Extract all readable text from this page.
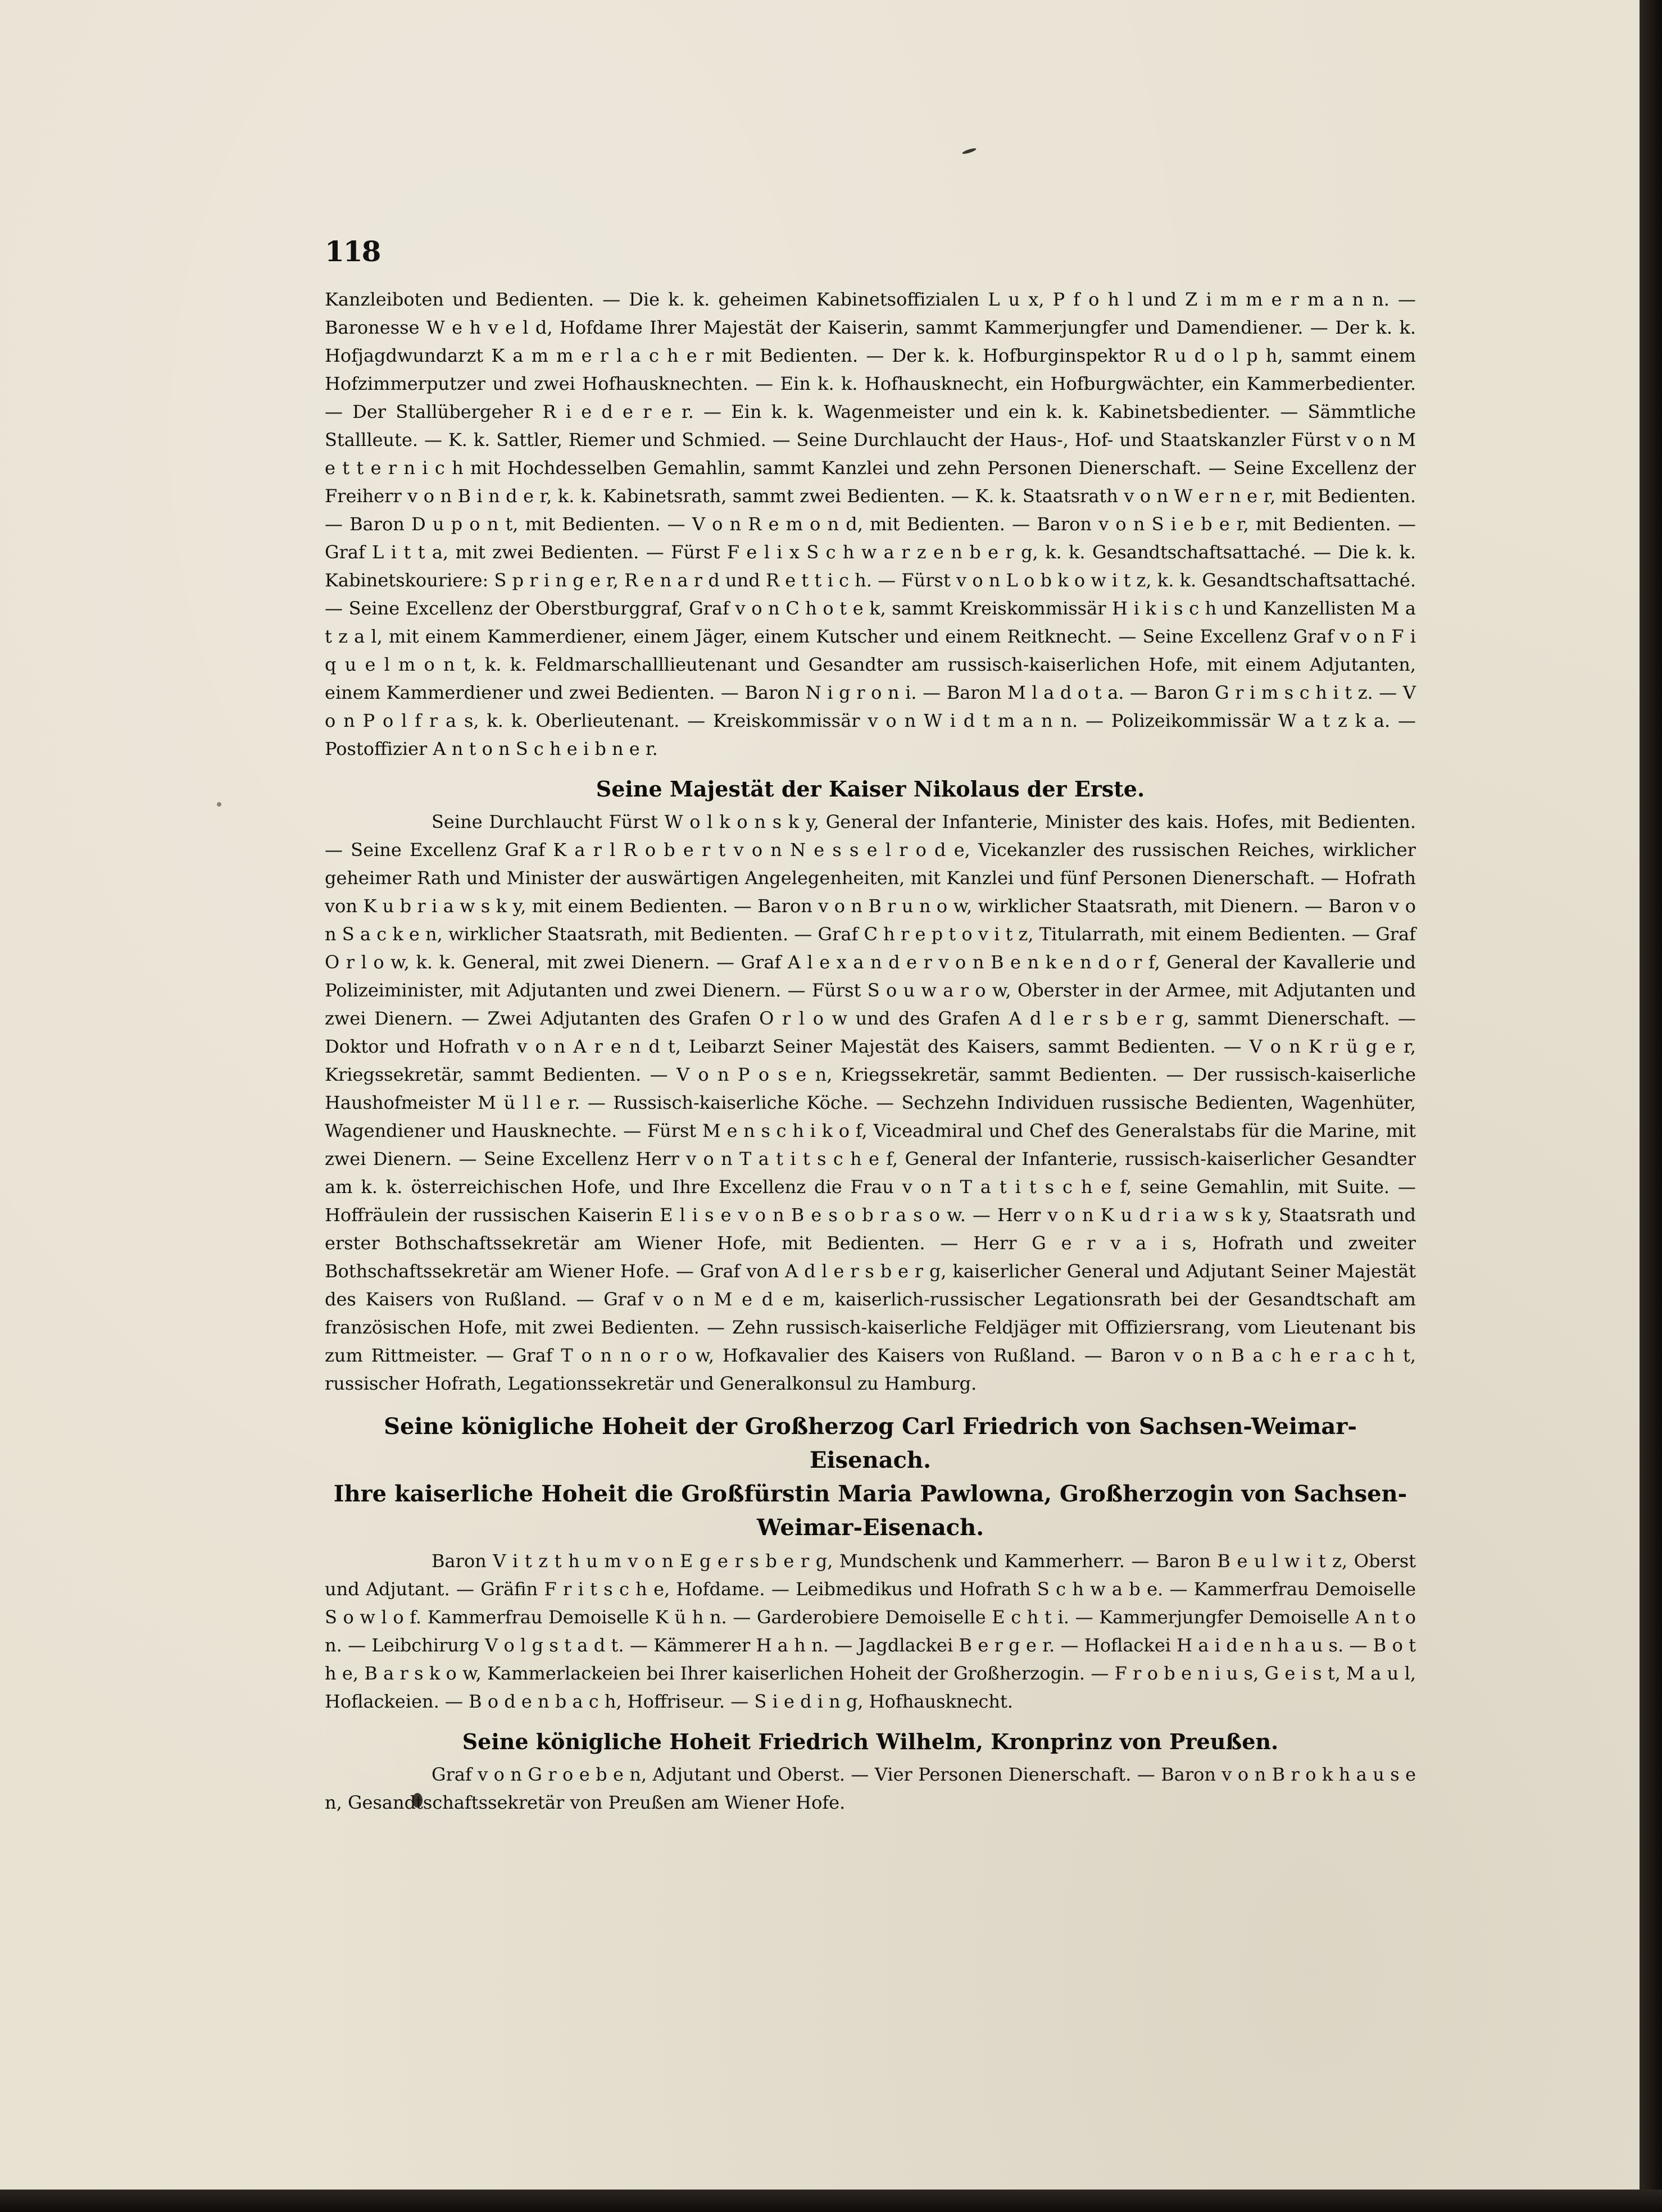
118

Kanzleiboten und Bedienten. — Die k. k. geheimen Kabinetsoffizialen L u x, P f o h l und Z i m m e r m a n n. — Baronesse W e h v e l d, Hofdame Ihrer Majestät der Kaiserin, sammt Kammerjungfer und Damendiener. — Der k. k. Hofjagdwundarzt K a m m e r l a c h e r mit Bedienten. — Der k. k. Hofburginspektor R u d o l p h, sammt einem Hofzimmerputzer und zwei Hofhausknechten. — Ein k. k. Hofhausknecht, ein Hofburgwächter, ein Kammerbedienter. — Der Stallübergeher R i e d e r e r. — Ein k. k. Wagenmeister und ein k. k. Kabinetsbedienter. — Sämmtliche Stallleute. — K. k. Sattler, Riemer und Schmied. — Seine Durchlaucht der Haus-, Hof- und Staatskanzler Fürst v o n M e t t e r n i c h mit Hochdesselben Gemahlin, sammt Kanzlei und zehn Personen Dienerschaft. — Seine Excellenz der Freiherr v o n B i n d e r, k. k. Kabinetsrath, sammt zwei Bedienten. — K. k. Staatsrath v o n W e r n e r, mit Bedienten. — Baron D u p o n t, mit Bedienten. — V o n R e m o n d, mit Bedienten. — Baron v o n S i e b e r, mit Bedienten. — Graf L i t t a, mit zwei Bedienten. — Fürst F e l i x S c h w a r z e n b e r g, k. k. Gesandtschaftsattaché. — Die k. k. Kabinetskouriere: S p r i n g e r, R e n a r d und R e t t i c h. — Fürst v o n L o b k o w i t z, k. k. Gesandtschaftsattaché. — Seine Excellenz der Oberstburggraf, Graf v o n C h o t e k, sammt Kreiskommissär H i k i s c h und Kanzellisten M a t z a l, mit einem Kammerdiener, einem Jäger, einem Kutscher und einem Reitknecht. — Seine Excellenz Graf v o n F i q u e l m o n t, k. k. Feldmarschalllieutenant und Gesandter am russisch-kaiserlichen Hofe, mit einem Adjutanten, einem Kammerdiener und zwei Bedienten. — Baron N i g r o n i. — Baron M l a d o t a. — Baron G r i m s c h i t z. — V o n P o l f r a s, k. k. Oberlieutenant. — Kreiskommissär v o n W i d t m a n n. — Polizeikommissär W a t z k a. — Postoffizier A n t o n S c h e i b n e r.

Seine Majestät der Kaiser Nikolaus der Erste.

Seine Durchlaucht Fürst W o l k o n s k y, General der Infanterie, Minister des kais. Hofes, mit Bedienten. — Seine Excellenz Graf K a r l R o b e r t v o n N e s s e l r o d e, Vicekanzler des russischen Reiches, wirklicher geheimer Rath und Minister der auswärtigen Angelegenheiten, mit Kanzlei und fünf Personen Dienerschaft. — Hofrath von K u b r i a w s k y, mit einem Bedienten. — Baron v o n B r u n o w, wirklicher Staatsrath, mit Dienern. — Baron v o n S a c k e n, wirklicher Staatsrath, mit Bedienten. — Graf C h r e p t o v i t z, Titularrath, mit einem Bedienten. — Graf O r l o w, k. k. General, mit zwei Dienern. — Graf A l e x a n d e r v o n B e n k e n d o r f, General der Kavallerie und Polizeiminister, mit Adjutanten und zwei Dienern. — Fürst S o u w a r o w, Oberster in der Armee, mit Adjutanten und zwei Dienern. — Zwei Adjutanten des Grafen O r l o w und des Grafen A d l e r s b e r g, sammt Dienerschaft. — Doktor und Hofrath v o n A r e n d t, Leibarzt Seiner Majestät des Kaisers, sammt Bedienten. — V o n K r ü g e r, Kriegssekretär, sammt Bedienten. — V o n P o s e n, Kriegssekretär, sammt Bedienten. — Der russisch-kaiserliche Haushofmeister M ü l l e r. — Russisch-kaiserliche Köche. — Sechzehn Individuen russische Bedienten, Wagenhüter, Wagendiener und Hausknechte. — Fürst M e n s c h i k o f, Viceadmiral und Chef des Generalstabs für die Marine, mit zwei Dienern. — Seine Excellenz Herr v o n T a t i t s c h e f, General der Infanterie, russisch-kaiserlicher Gesandter am k. k. österreichischen Hofe, und Ihre Excellenz die Frau v o n T a t i t s c h e f, seine Gemahlin, mit Suite. — Hoffräulein der russischen Kaiserin E l i s e v o n B e s o b r a s o w. — Herr v o n K u d r i a w s k y, Staatsrath und erster Bothschaftssekretär am Wiener Hofe, mit Bedienten. — Herr G e r v a i s, Hofrath und zweiter Bothschaftssekretär am Wiener Hofe. — Graf von A d l e r s b e r g, kaiserlicher General und Adjutant Seiner Majestät des Kaisers von Rußland. — Graf v o n M e d e m, kaiserlich-russischer Legationsrath bei der Gesandtschaft am französischen Hofe, mit zwei Bedienten. — Zehn russisch-kaiserliche Feldjäger mit Offiziersrang, vom Lieutenant bis zum Rittmeister. — Graf T o n n o r o w, Hofkavalier des Kaisers von Rußland. — Baron v o n B a c h e r a c h t, russischer Hofrath, Legationssekretär und Generalkonsul zu Hamburg.

Seine königliche Hoheit der Großherzog Carl Friedrich von Sachsen-Weimar-Eisenach.
Ihre kaiserliche Hoheit die Großfürstin Maria Pawlowna, Großherzogin von Sachsen-Weimar-Eisenach.

Baron V i t z t h u m v o n E g e r s b e r g, Mundschenk und Kammerherr. — Baron B e u l w i t z, Oberst und Adjutant. — Gräfin F r i t s c h e, Hofdame. — Leibmedikus und Hofrath S c h w a b e. — Kammerfrau Demoiselle S o w l o f. Kammerfrau Demoiselle K ü h n. — Garderobiere Demoiselle E c h t i. — Kammerjungfer Demoiselle A n t o n. — Leibchirurg V o l g s t a d t. — Kämmerer H a h n. — Jagdlackei B e r g e r. — Hoflackei H a i d e n h a u s. — B o t h e, B a r s k o w, Kammerlackeien bei Ihrer kaiserlichen Hoheit der Großherzogin. — F r o b e n i u s, G e i s t, M a u l, Hoflackeien. — B o d e n b a c h, Hoffriseur. — S i e d i n g, Hofhausknecht.

Seine königliche Hoheit Friedrich Wilhelm, Kronprinz von Preußen.

Graf v o n G r o e b e n, Adjutant und Oberst. — Vier Personen Dienerschaft. — Baron v o n B r o k h a u s e n, Gesandtschaftssekretär von Preußen am Wiener Hofe.
